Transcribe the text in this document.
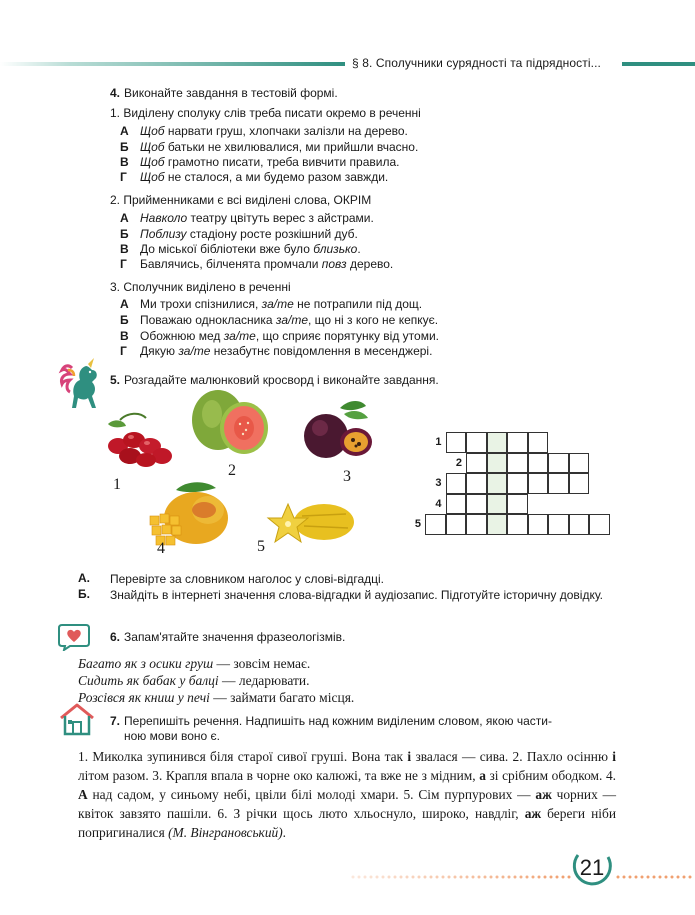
§ 8. Сполучники сурядності та підрядності...
4. Виконайте завдання в тестовій формі.
1. Виділену сполуку слів треба писати окремо в реченні
А Щоб нарвати груш, хлопчаки залізли на дерево.
Б Щоб батьки не хвилювалися, ми прийшли вчасно.
В Щоб грамотно писати, треба вивчити правила.
Г Щоб не сталося, а ми будемо разом завжди.
2. Прийменниками є всі виділені слова, ОКРІМ
А Навколо театру цвітуть верес з айстрами.
Б Поблизу стадіону росте розкішний дуб.
В До міської бібліотеки вже було близько.
Г Бавлячись, білченята промчали повз дерево.
3. Сполучник виділено в реченні
А Ми трохи спізнилися, за/те не потрапили під дощ.
Б Поважаю однокласника за/те, що ні з кого не кепкує.
В Обожнюю мед за/те, що сприяє порятунку від утоми.
Г Дякую за/те незабутнє повідомлення в месенджері.
5. Розгадайте малюнковий кросворд і виконайте завдання.
1
2	3
4	5
1
2
3
4
5
А. Перевірте за словником наголос у слові-відгадці.
Б. Знайдіть в інтернеті значення слова-відгадки й аудіозапис. Підготуйте історичну довідку.
6. Запам'ятайте значення фразеологізмів.
Багато як з осики груш — зовсім немає.
Сидить як бабак у балці — ледарювати.
Розсівся як книш у печі — займати багато місця.
7. Перепишіть речення. Надпишіть над кожним виділеним словом, якою части-
ною мови воно є.
1. Миколка зупинився біля старої сивої груші. Вона так і звалася — сива. 2. Пахло осінню і літом разом. 3. Крапля впала в чорне око калюжі, та вже не з мідним, а зі срібним ободком. 4. А над садом, у синьому небі, цвіли білі молоді хмари. 5. Сім пурпурових — аж чорних — квіток завзято пашіли. 6. З річки щось люто хльоснуло, широко, навдліг, аж береги ніби попригиналися (М. Вінграновський).
21
